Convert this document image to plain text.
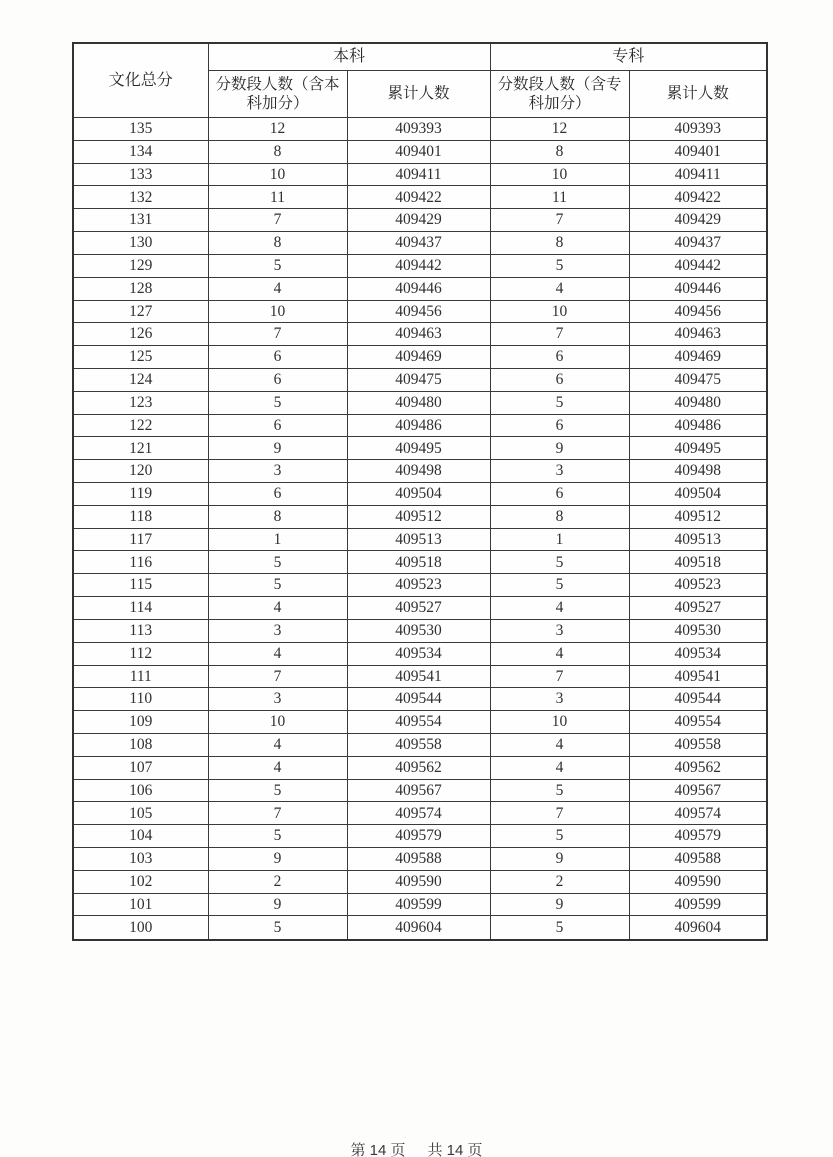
文化总分	本科		专科	
	分数段人数（含本科加分）	累计人数	分数段人数（含专科加分）	累计人数
135	12	409393	12	409393
134	8	409401	8	409401
133	10	409411	10	409411
132	11	409422	11	409422
131	7	409429	7	409429
130	8	409437	8	409437
129	5	409442	5	409442
128	4	409446	4	409446
127	10	409456	10	409456
126	7	409463	7	409463
125	6	409469	6	409469
124	6	409475	6	409475
123	5	409480	5	409480
122	6	409486	6	409486
121	9	409495	9	409495
120	3	409498	3	409498
119	6	409504	6	409504
118	8	409512	8	409512
117	1	409513	1	409513
116	5	409518	5	409518
115	5	409523	5	409523
114	4	409527	4	409527
113	3	409530	3	409530
112	4	409534	4	409534
111	7	409541	7	409541
110	3	409544	3	409544
109	10	409554	10	409554
108	4	409558	4	409558
107	4	409562	4	409562
106	5	409567	5	409567
105	7	409574	7	409574
104	5	409579	5	409579
103	9	409588	9	409588
102	2	409590	2	409590
101	9	409599	9	409599
100	5	409604	5	409604
第 14 页 共 14 页
